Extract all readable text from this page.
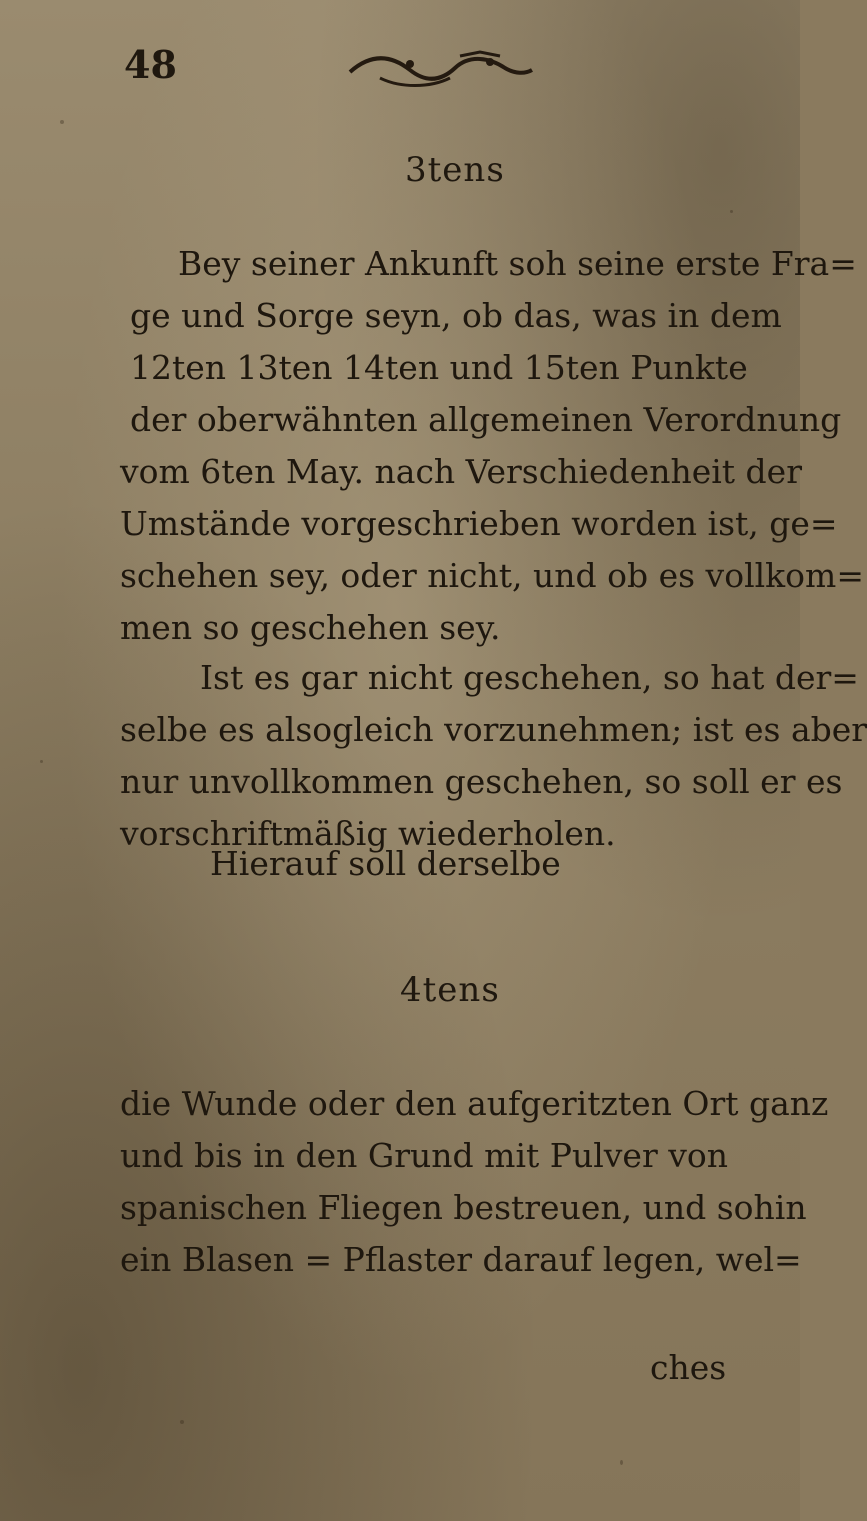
48
3tens
Bey seiner Ankunft soh seine erste Fra=
ge und Sorge seyn, ob das, was in dem
12ten 13ten 14ten und 15ten Punkte
der oberwähnten allgemeinen Verordnung
vom 6ten May. nach Verschiedenheit der
Umstände vorgeschrieben worden ist, ge=
schehen sey, oder nicht, und ob es vollkom=
men so geschehen sey.
Ist es gar nicht geschehen, so hat der=
selbe es alsogleich vorzunehmen; ist es aber
nur unvollkommen geschehen, so soll er es
vorschriftmäßig wiederholen.
Hierauf soll derselbe
4tens
die Wunde oder den aufgeritzten Ort ganz
und bis in den Grund mit Pulver von
spanischen Fliegen bestreuen, und sohin
ein Blasen = Pflaster darauf legen, wel=
ches
